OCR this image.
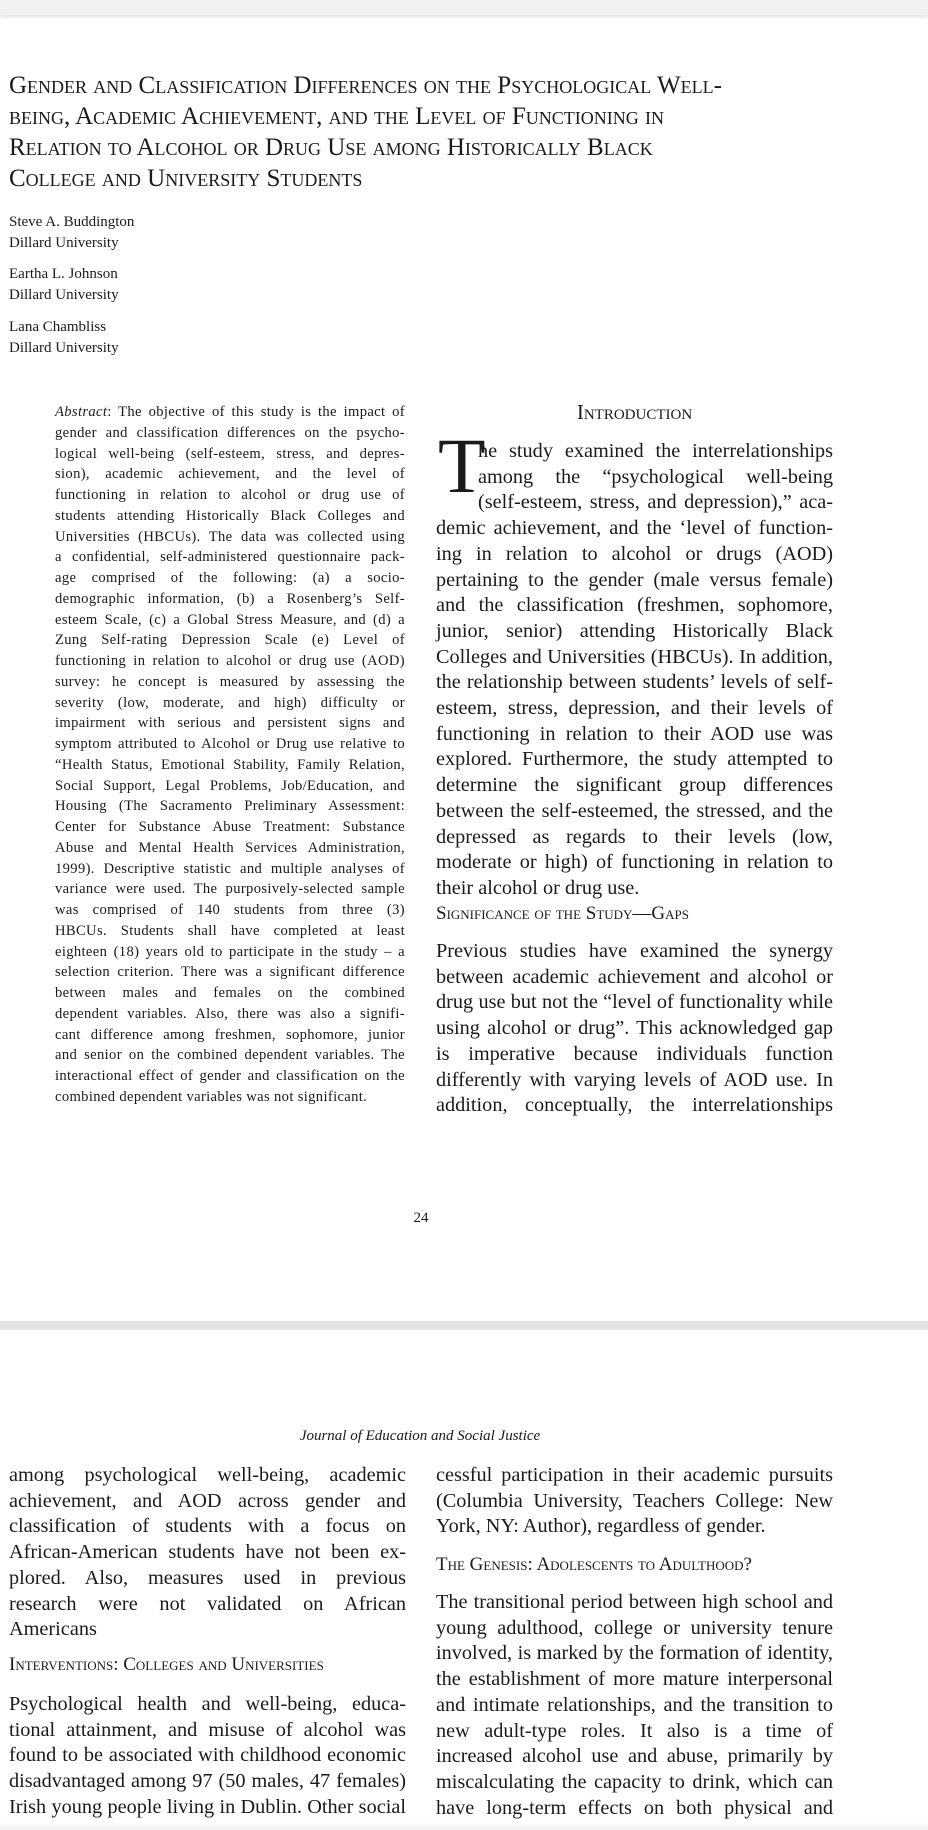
Gender and Classification Differences on the Psychological Well-
being, Academic Achievement, and the Level of Functioning in
Relation to Alcohol or Drug Use among Historically Black
College and University Students
Steve A. Buddington
Dillard University
Eartha L. Johnson
Dillard University
Lana Chambliss
Dillard University
Abstract: The objective of this study is the impact of
gender and classification differences on the psycho-
logical well-being (self-esteem, stress, and depres-
sion), academic achievement, and the level of
functioning in relation to alcohol or drug use of
students attending Historically Black Colleges and
Universities (HBCUs). The data was collected using
a confidential, self-administered questionnaire pack-
age comprised of the following: (a) a socio-
demographic information, (b) a Rosenberg’s Self-
esteem Scale, (c) a Global Stress Measure, and (d) a
Zung Self-rating Depression Scale (e) Level of
functioning in relation to alcohol or drug use (AOD)
survey: he concept is measured by assessing the
severity (low, moderate, and high) difficulty or
impairment with serious and persistent signs and
symptom attributed to Alcohol or Drug use relative to
“Health Status, Emotional Stability, Family Relation,
Social Support, Legal Problems, Job/Education, and
Housing (The Sacramento Preliminary Assessment:
Center for Substance Abuse Treatment: Substance
Abuse and Mental Health Services Administration,
1999). Descriptive statistic and multiple analyses of
variance were used. The purposively-selected sample
was comprised of 140 students from three (3)
HBCUs. Students shall have completed at least
eighteen (18) years old to participate in the study – a
selection criterion. There was a significant difference
between males and females on the combined
dependent variables. Also, there was also a signifi-
cant difference among freshmen, sophomore, junior
and senior on the combined dependent variables. The
interactional effect of gender and classification on the
combined dependent variables was not significant.
Introduction
T
he study examined the interrelationships
among the “psychological well-being
(self-esteem, stress, and depression),” aca-
demic achievement, and the ‘level of function-
ing in relation to alcohol or drugs (AOD)
pertaining to the gender (male versus female)
and the classification (freshmen, sophomore,
junior, senior) attending Historically Black
Colleges and Universities (HBCUs). In addition,
the relationship between students’ levels of self-
esteem, stress, depression, and their levels of
functioning in relation to their AOD use was
explored. Furthermore, the study attempted to
determine the significant group differences
between the self-esteemed, the stressed, and the
depressed as regards to their levels (low,
moderate or high) of functioning in relation to
their alcohol or drug use.
Significance of the Study—Gaps
Previous studies have examined the synergy
between academic achievement and alcohol or
drug use but not the “level of functionality while
using alcohol or drug”. This acknowledged gap
is imperative because individuals function
differently with varying levels of AOD use. In
addition, conceptually, the interrelationships
24
Journal of Education and Social Justice
among psychological well-being, academic
achievement, and AOD across gender and
classification of students with a focus on
African-American students have not been ex-
plored. Also, measures used in previous
research were not validated on African
Americans
Interventions: Colleges and Universities
Psychological health and well-being, educa-
tional attainment, and misuse of alcohol was
found to be associated with childhood economic
disadvantaged among 97 (50 males, 47 females)
Irish young people living in Dublin. Other social
cessful participation in their academic pursuits
(Columbia University, Teachers College: New
York, NY: Author), regardless of gender.
The Genesis: Adolescents to Adulthood?
The transitional period between high school and
young adulthood, college or university tenure
involved, is marked by the formation of identity,
the establishment of more mature interpersonal
and intimate relationships, and the transition to
new adult-type roles. It also is a time of
increased alcohol use and abuse, primarily by
miscalculating the capacity to drink, which can
have long-term effects on both physical and
